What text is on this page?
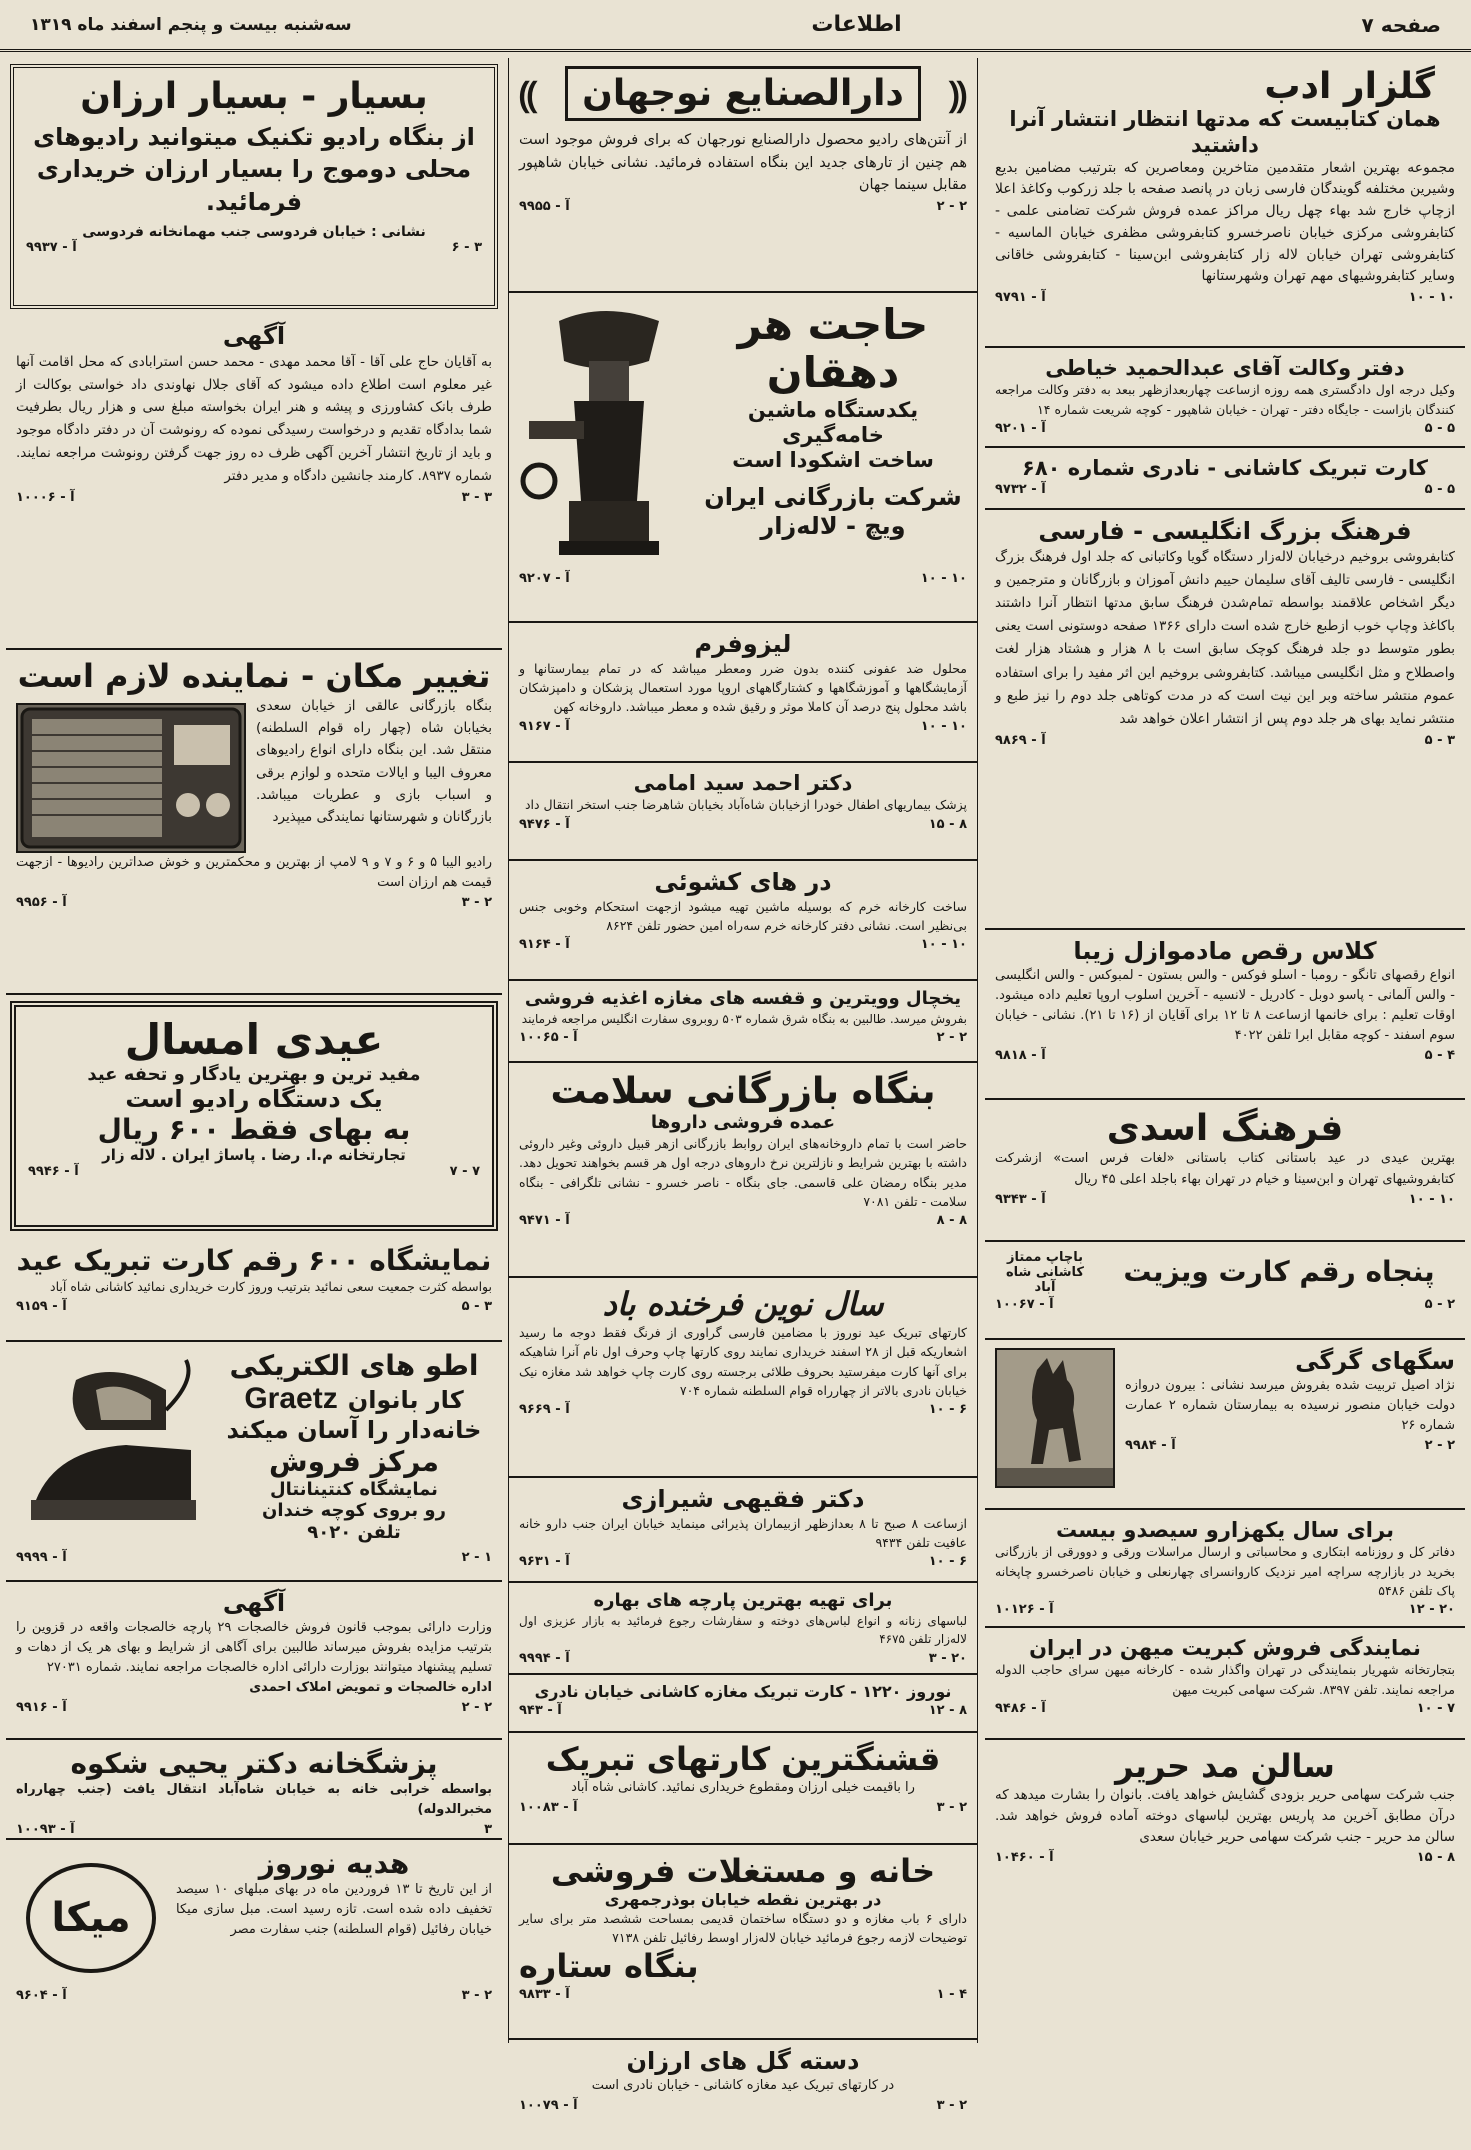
صفحه ۷
اطلاعات
سه‌شنبه بیست و پنجم اسفند ماه ۱۳۱۹
گلزار ادب
همان کتابیست که مدتها انتظار انتشار آنرا داشتید
مجموعه بهترین اشعار متقدمین متاخرین ومعاصرین که بترتیب مضامین بدیع وشیرین مختلفه گویندگان فارسی زبان در پانصد صفحه با جلد زرکوب وکاغذ اعلا ازچاپ خارج شد بهاء چهل ریال مراکز عمده فروش شرکت تضامنی علمی - کتابفروشی مرکزی خیابان ناصرخسرو کتابفروشی مظفری خیابان الماسیه - کتابفروشی تهران خیابان لاله زار کتابفروشی ابن‌سینا - کتابفروشی خاقانی وسایر کتابفروشیهای مهم تهران وشهرستانها
۱۰ - ۱۰
آ - ۹۷۹۱
دفتر وکالت آقای عبدالحمید خیاطی
وکیل درجه اول دادگستری همه روزه ازساعت چهاربعدازظهر ببعد به دفتر وکالت مراجعه کنندگان بازاست - جایگاه دفتر - تهران - خیابان شاهپور - کوچه شریعت شماره ۱۴
۵ - ۵
آ - ۹۲۰۱
کارت تبریک کاشانی - نادری شماره ۶۸۰
۵ - ۵
آ - ۹۷۳۲
فرهنگ بزرگ انگلیسی - فارسی
کتابفروشی بروخیم درخیابان لاله‌زار دستگاه گویا وکاتبانی که جلد اول فرهنگ بزرگ انگلیسی - فارسی تالیف آقای سلیمان حییم دانش آموزان و بازرگانان و مترجمین و دیگر اشخاص علاقمند بواسطه تمام‌شدن فرهنگ سابق مدتها انتظار آنرا داشتند باکاغذ وچاپ خوب ازطبع خارج شده است دارای ۱۳۶۶ صفحه دوستونی است یعنی بطور متوسط دو جلد فرهنگ کوچک سابق است با ۸ هزار و هشتاد هزار لغت واصطلاح و مثل انگلیسی میباشد. کتابفروشی بروخیم این اثر مفید را برای استفاده عموم منتشر ساخته وبر این نیت است که در مدت کوتاهی جلد دوم را نیز طبع و منتشر نماید بهای هر جلد دوم پس از انتشار اعلان خواهد شد
۳ - ۵
آ - ۹۸۶۹
کلاس رقص مادموازل زیبا
انواع رقصهای تانگو - رومبا - اسلو فوکس - والس بستون - لمبوکس - والس انگلیسی - والس آلمانی - پاسو دوبل - کادریل - لانسیه - آخرین اسلوب اروپا تعلیم داده میشود. اوقات تعلیم : برای خانمها ازساعت ۸ تا ۱۲ برای آقایان از (۱۶ تا ۲۱). نشانی - خیابان سوم اسفند - کوچه مقابل ابرا تلفن ۴۰۲۲
۴ - ۵
آ - ۹۸۱۸
فرهنگ اسدی
بهترین عیدی در عید باستانی کتاب باستانی «لغات فرس است» ازشرکت کتابفروشیهای تهران و ابن‌سینا و خیام در تهران بهاء باجلد اعلی ۴۵ ریال
۱۰ - ۱۰
آ - ۹۳۴۳
پنجاه رقم کارت ویزیت
باچاپ ممتاز کاشانی شاه آباد
۲ - ۵
آ - ۱۰۰۶۷
سگهای گرگی
نژاد اصیل تربیت شده بفروش میرسد نشانی : بیرون دروازه دولت خیابان منصور نرسیده به بیمارستان شماره ۲ عمارت شماره ۲۶
۲ - ۲
آ - ۹۹۸۴
برای سال یکهزارو سیصدو بیست
دفاتر کل و روزنامه ابتکاری و محاسباتی و ارسال مراسلات ورقی و دوورقی از بازرگانی بخرید در بازارچه سراچه امیر نزدیک کاروانسرای چهارنعلی و خیابان ناصرخسرو چاپخانه پاک تلفن ۵۴۸۶
۲۰ - ۱۲
آ - ۱۰۱۲۶
نمایندگی فروش کبریت میهن در ایران
بتجارتخانه شهریار بنمایندگی در تهران واگذار شده - کارخانه میهن سرای حاجب الدوله مراجعه نمایند. تلفن ۸۳۹۷. شرکت سهامی کبریت میهن
۷ - ۱۰
آ - ۹۴۸۶
سالن مد حریر
جنب شرکت سهامی حریر بزودی گشایش خواهد یافت. بانوان را بشارت میدهد که درآن مطابق آخرین مد پاریس بهترین لباسهای دوخته آماده فروش خواهد شد. سالن مد حریر - جنب شرکت سهامی حریر خیابان سعدی
۸ - ۱۵
آ - ۱۰۴۶۰
⸨
دارالصنایع نوجهان
⸩
از آنتن‌های رادیو محصول دارالصنایع نورجهان که برای فروش موجود است هم چنین از تارهای جدید این بنگاه استفاده فرمائید. نشانی خیابان شاهپور مقابل سینما جهان
۲ - ۲
آ - ۹۹۵۵
حاجت هر
دهقان
یکدستگاه ماشین خامه‌گیری
ساخت اشکودا است
شرکت بازرگانی ایران
ویچ - لاله‌زار
۱۰ - ۱۰
آ - ۹۲۰۷
لیزوفرم
محلول ضد عفونی کننده بدون ضرر ومعطر میباشد که در تمام بیمارستانها و آزمایشگاهها و آموزشگاهها و کشتارگاههای اروپا مورد استعمال پزشکان و دامپزشکان باشد محلول پنج درصد آن کاملا موثر و رقیق شده و معطر میباشد. داروخانه کهن
۱۰ - ۱۰
آ - ۹۱۶۷
دکتر احمد سید امامی
پزشک بیماریهای اطفال خودرا ازخیابان شاه‌آباد بخیابان شاهرضا جنب استخر انتقال داد
۸ - ۱۵
آ - ۹۴۷۶
در های کشوئی
ساخت کارخانه خرم که بوسیله ماشین تهیه میشود ازجهت استحکام وخوبی جنس بی‌نظیر است. نشانی دفتر کارخانه خرم سه‌راه امین حضور تلفن ۸۶۲۴
۱۰ - ۱۰
آ - ۹۱۶۴
یخچال وویترین و قفسه های مغازه اغذیه فروشی
بفروش میرسد. طالبین به بنگاه شرق شماره ۵۰۳ روبروی سفارت انگلیس مراجعه فرمایند
۲ - ۲
آ - ۱۰۰۶۵
بنگاه بازرگانی سلامت
عمده فروشی داروها
حاضر است با تمام داروخانه‌های ایران روابط بازرگانی ازهر قبیل داروئی وغیر داروئی داشته با بهترین شرایط و نازلترین نرخ داروهای درجه اول هر قسم بخواهند تحویل دهد. مدیر بنگاه رمضان علی قاسمی. جای بنگاه - ناصر خسرو - نشانی تلگرافی - بنگاه سلامت - تلفن ۷۰۸۱
۸ - ۸
آ - ۹۴۷۱
سال نوین فرخنده باد
کارتهای تبریک عید نوروز با مضامین فارسی گراوری از فرنگ فقط دوجه ما رسید اشعاریکه قبل از ۲۸ اسفند خریداری نمایند روی کارتها چاپ وحرف اول نام آنرا شاهیکه برای آنها کارت میفرستید بحروف طلائی برجسته روی کارت چاپ خواهد شد مغازه نیک خیابان نادری بالاتر از چهارراه قوام السلطنه شماره ۷۰۴
۶ - ۱۰
آ - ۹۶۶۹
دکتر فقیهی شیرازی
ازساعت ۸ صبح تا ۸ بعدازظهر ازبیماران پذیرائی مینماید خیابان ایران جنب دارو خانه عافیت تلفن ۹۴۳۴
۶ - ۱۰
آ - ۹۶۳۱
برای تهیه بهترین پارچه های بهاره
لباسهای زنانه و انواع لباس‌های دوخته و سفارشات رجوع فرمائید به بازار عزیزی اول لاله‌زار تلفن ۴۶۷۵
۲۰ - ۳
آ - ۹۹۹۴
نوروز ۱۲۲۰ - کارت تبریک مغازه کاشانی خیابان نادری
۸ - ۱۲
آ - ۹۴۳
قشنگترین کارتهای تبریک
را باقیمت خیلی ارزان ومقطوع خریداری نمائید. کاشانی شاه آباد
۲ - ۳
آ - ۱۰۰۸۳
خانه و مستغلات فروشی
در بهترین نقطه خیابان بوذرجمهری
دارای ۶ باب مغازه و دو دستگاه ساختمان قدیمی بمساحت ششصد متر برای سایر توضیحات لازمه رجوع فرمائید خیابان لاله‌زار اوسط رفائیل تلفن ۷۱۳۸
بنگاه ستاره
۴ - ۱
آ - ۹۸۳۳
دسته گل های ارزان
در کارتهای تبریک عید مغازه کاشانی - خیابان نادری است
۲ - ۳
آ - ۱۰۰۷۹
بسیار - بسیار ارزان
از بنگاه رادیو تکنیک میتوانید رادیوهای محلی دوموج را بسیار ارزان خریداری فرمائید.
نشانی : خیابان فردوسی جنب مهمانخانه فردوسی
۳ - ۶
آ - ۹۹۳۷
آگهی
به آقایان حاج علی آقا - آقا محمد مهدی - محمد حسن استرابادی که محل اقامت آنها غیر معلوم است اطلاع داده میشود که آقای جلال نهاوندی داد خواستی بوکالت از طرف بانک کشاورزی و پیشه و هنر ایران بخواسته مبلغ سی و هزار ریال بطرفیت شما بدادگاه تقدیم و درخواست رسیدگی نموده که رونوشت آن در دفتر دادگاه موجود و باید از تاریخ انتشار آخرین آگهی ظرف ده روز جهت گرفتن رونوشت مراجعه نمایند. شماره ۸۹۳۷. کارمند جانشین دادگاه و مدیر دفتر
۳ - ۳
آ - ۱۰۰۰۶
تغییر مکان - نماینده لازم است
بنگاه بازرگانی عالقی از خیابان سعدی بخیابان شاه (چهار راه قوام السلطنه) منتقل شد. این بنگاه دارای انواع رادیوهای معروف الیبا و ایالات متحده و لوازم برقی و اسباب بازی و عطریات میباشد. بازرگانان و شهرستانها نمایندگی میپذیرد
رادیو الیبا ۵ و ۶ و ۷ و ۹ لامپ از بهترین و محکمترین و خوش صداترین رادیوها - ازجهت قیمت هم ارزان است
۲ - ۳
آ - ۹۹۵۶
عیدی امسال
مفید ترین و بهترین یادگار و تحفه عید
یک دستگاه رادیو است
به بهای فقط ۶۰۰ ریال
تجارتخانه م.ا. رضا . پاساژ ایران . لاله زار
۷ - ۷
آ - ۹۹۴۶
نمایشگاه ۶۰۰ رقم کارت تبریک عید
بواسطه کثرت جمعیت سعی نمائید بترتیب وروز کارت خریداری نمائید کاشانی شاه آباد
۳ - ۵
آ - ۹۱۵۹
اطو های الکتریکی
کار بانوان
Graetz
خانه‌دار را آسان میکند
مرکز فروش
نمایشگاه کنتینانتال
رو بروی کوچه خندان
تلفن ۹۰۲۰
۱ - ۲
آ - ۹۹۹۹
آگهی
وزارت دارائی بموجب قانون فروش خالصجات ۲۹ پارچه خالصجات واقعه در قزوین را بترتیب مزایده بفروش میرساند طالبین برای آگاهی از شرایط و بهای هر یک از دهات و تسلیم پیشنهاد میتوانند بوزارت دارائی اداره خالصجات مراجعه نمایند. شماره ۲۷۰۳۱
اداره خالصجات و تمویض املاک احمدی
۲ - ۲
آ - ۹۹۱۶
پزشگخانه دکتر یحیی شکوه
بواسطه خرابی خانه به خیابان شاه‌آباد انتقال یافت (جنب چهارراه مخبرالدوله)
۳
آ - ۱۰۰۹۳
میکا
هدیه نوروز
از این تاریخ تا ۱۳ فروردین ماه در بهای مبلهای ۱۰ سیصد تخفیف داده شده است. تازه رسید است. مبل سازی میکا خیابان رفائیل (قوام السلطنه) جنب سفارت مصر
۲ - ۳
آ - ۹۶۰۴
